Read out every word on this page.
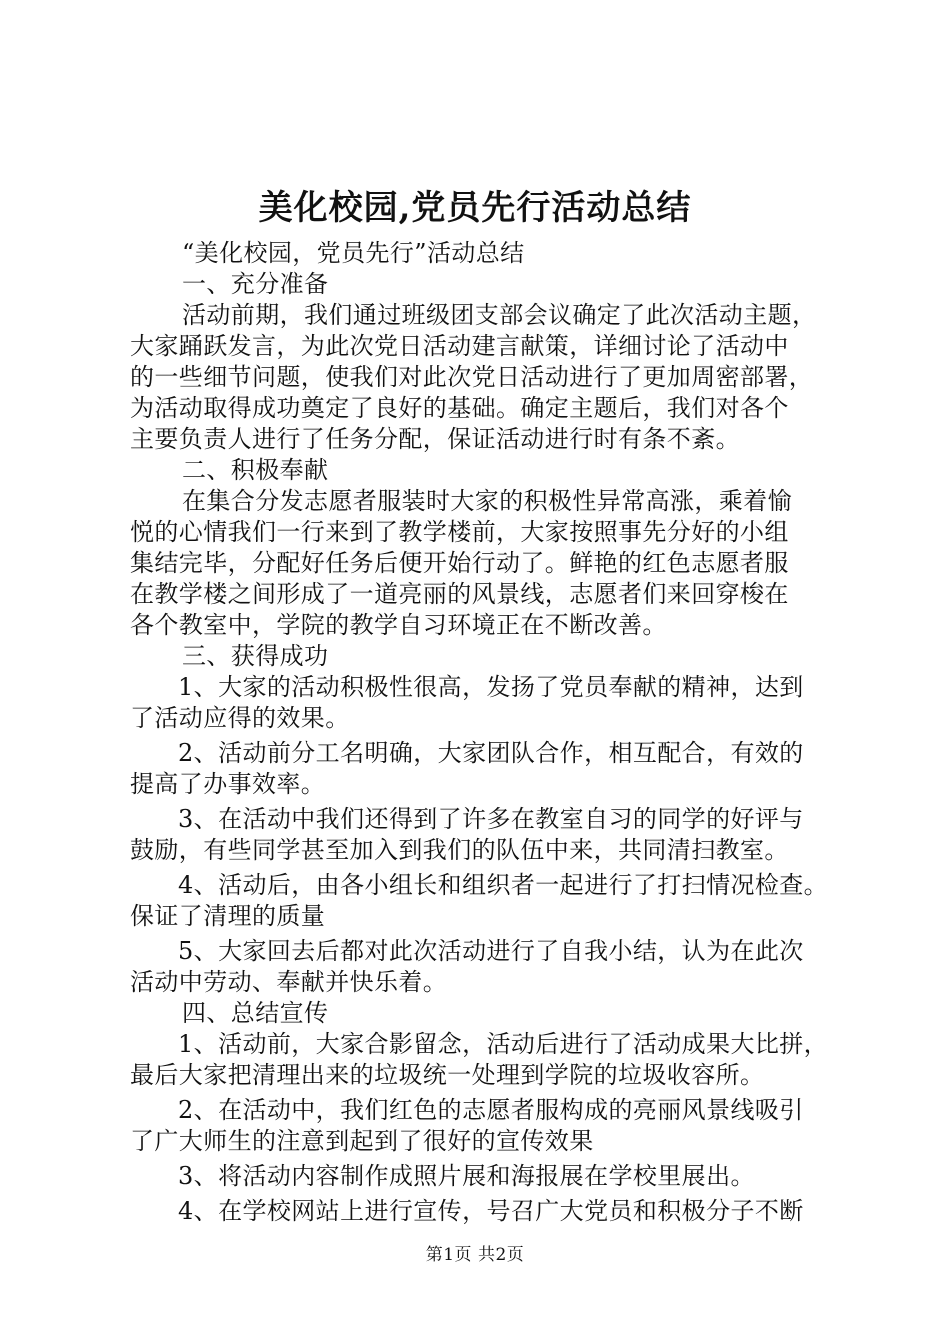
美化校园,党员先行活动总结

“美化校园，党员先行”活动总结

一、充分准备

活动前期，我们通过班级团支部会议确定了此次活动主题，

大家踊跃发言，为此次党日活动建言献策，详细讨论了活动中

的一些细节问题，使我们对此次党日活动进行了更加周密部署，

为活动取得成功奠定了良好的基础。确定主题后，我们对各个

主要负责人进行了任务分配，保证活动进行时有条不紊。

二、积极奉献

在集合分发志愿者服装时大家的积极性异常高涨，乘着愉

悦的心情我们一行来到了教学楼前，大家按照事先分好的小组

集结完毕，分配好任务后便开始行动了。鲜艳的红色志愿者服

在教学楼之间形成了一道亮丽的风景线，志愿者们来回穿梭在

各个教室中，学院的教学自习环境正在不断改善。

三、获得成功

1、大家的活动积极性很高，发扬了党员奉献的精神，达到

了活动应得的效果。

2、活动前分工名明确，大家团队合作，相互配合，有效的

提高了办事效率。

3、在活动中我们还得到了许多在教室自习的同学的好评与

鼓励，有些同学甚至加入到我们的队伍中来，共同清扫教室。

4、活动后，由各小组长和组织者一起进行了打扫情况检查。

保证了清理的质量

5、大家回去后都对此次活动进行了自我小结，认为在此次

活动中劳动、奉献并快乐着。

四、总结宣传

1、活动前，大家合影留念，活动后进行了活动成果大比拼，

最后大家把清理出来的垃圾统一处理到学院的垃圾收容所。

2、在活动中，我们红色的志愿者服构成的亮丽风景线吸引

了广大师生的注意到起到了很好的宣传效果

3、将活动内容制作成照片展和海报展在学校里展出。

4、在学校网站上进行宣传，号召广大党员和积极分子不断

第1页 共2页
